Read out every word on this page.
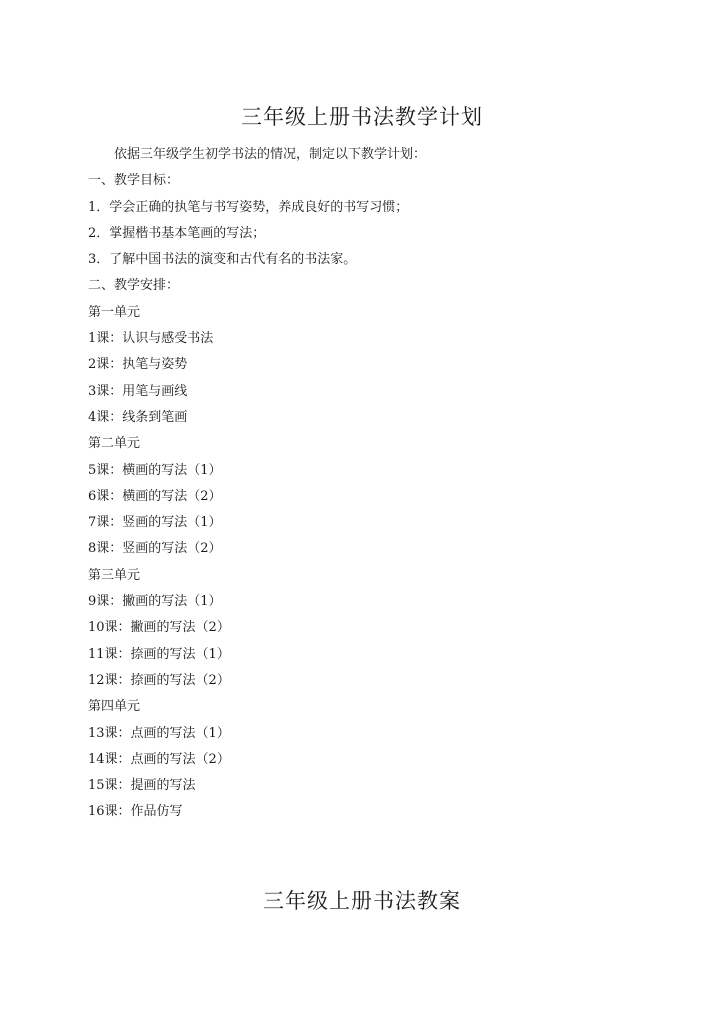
三年级上册书法教学计划
依据三年级学生初学书法的情况，制定以下教学计划：
一、教学目标：
1．学会正确的执笔与书写姿势，养成良好的书写习惯；
2．掌握楷书基本笔画的写法；
3．了解中国书法的演变和古代有名的书法家。
二、教学安排：
第一单元
1课：认识与感受书法
2课：执笔与姿势
3课：用笔与画线
4课：线条到笔画
第二单元
5课：横画的写法（1）
6课：横画的写法（2）
7课：竖画的写法（1）
8课：竖画的写法（2）
第三单元
9课：撇画的写法（1）
10课：撇画的写法（2）
11课：捺画的写法（1）
12课：捺画的写法（2）
第四单元
13课：点画的写法（1）
14课：点画的写法（2）
15课：提画的写法
16课：作品仿写
三年级上册书法教案
